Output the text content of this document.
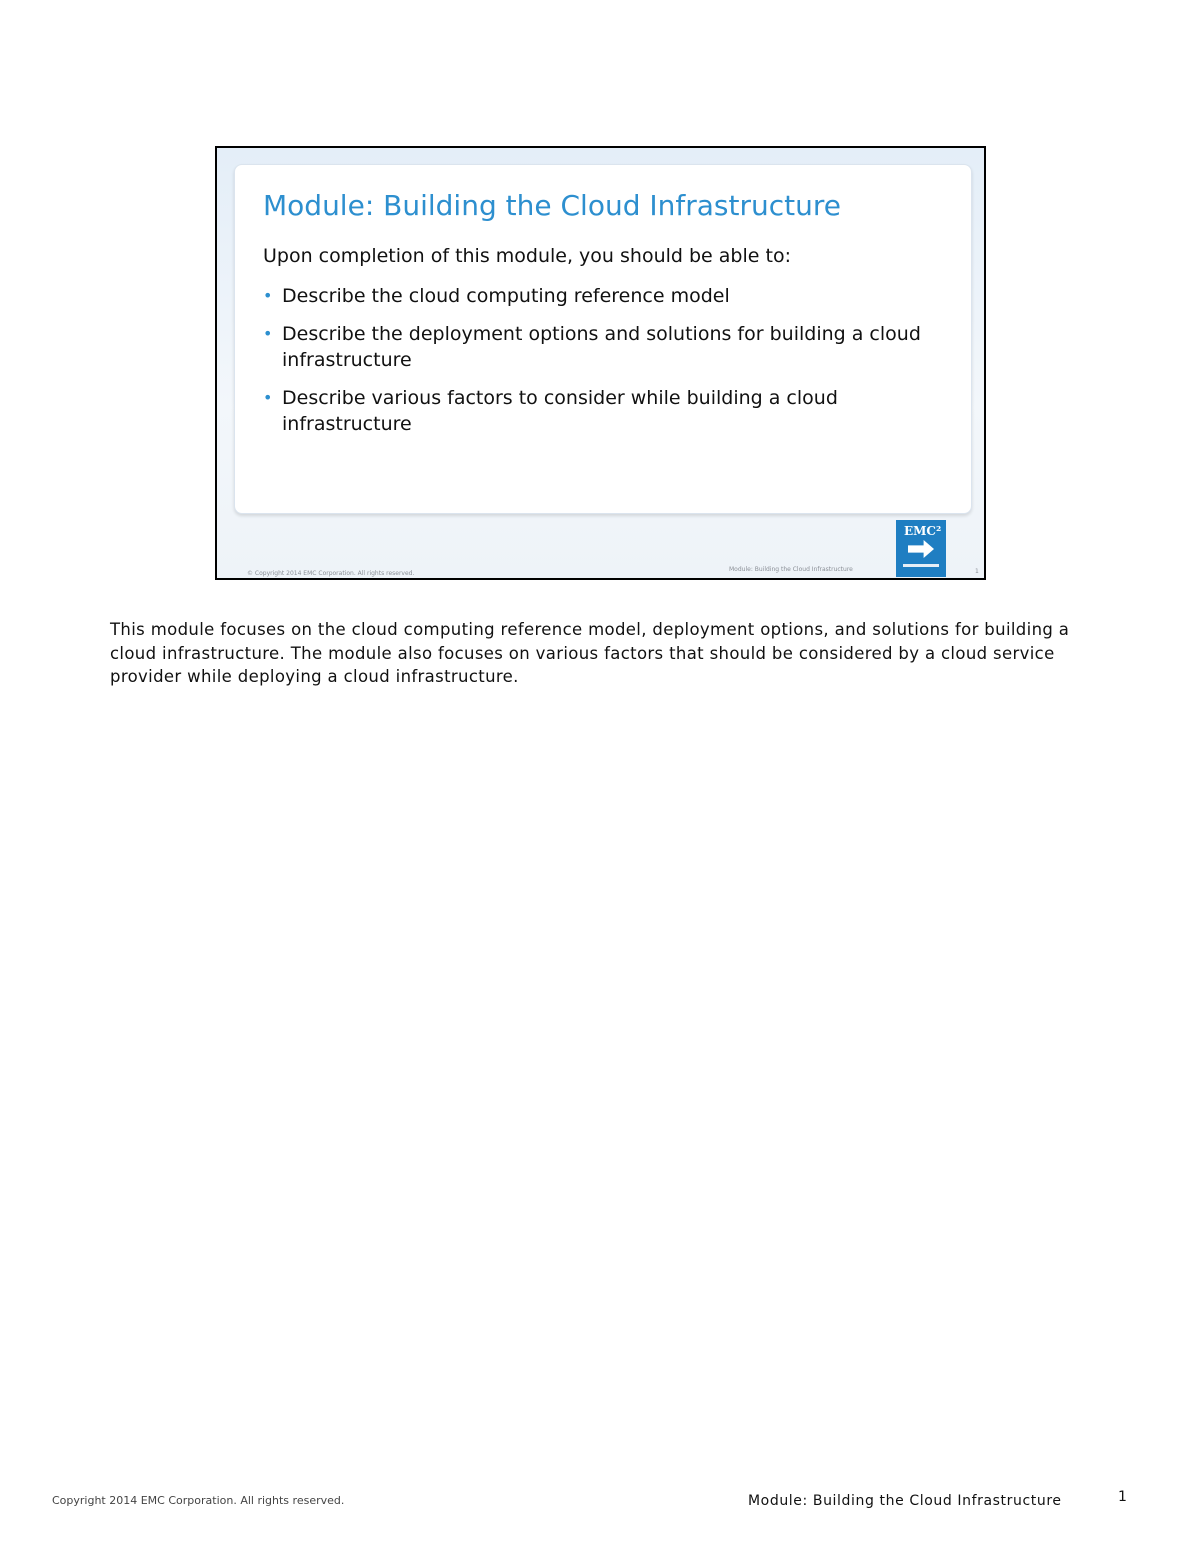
Module: Building the Cloud Infrastructure
Upon completion of this module, you should be able to:
• Describe the cloud computing reference model
• Describe the deployment options and solutions for building a cloud infrastructure
• Describe various factors to consider while building a cloud infrastructure
EMC²
© Copyright 2014 EMC Corporation. All rights reserved.
Module: Building the Cloud Infrastructure	1
This module focuses on the cloud computing reference model, deployment options, and solutions for building a cloud infrastructure. The module also focuses on various factors that should be considered by a cloud service provider while deploying a cloud infrastructure.
Copyright 2014 EMC Corporation. All rights reserved.	Module: Building the Cloud Infrastructure	1
